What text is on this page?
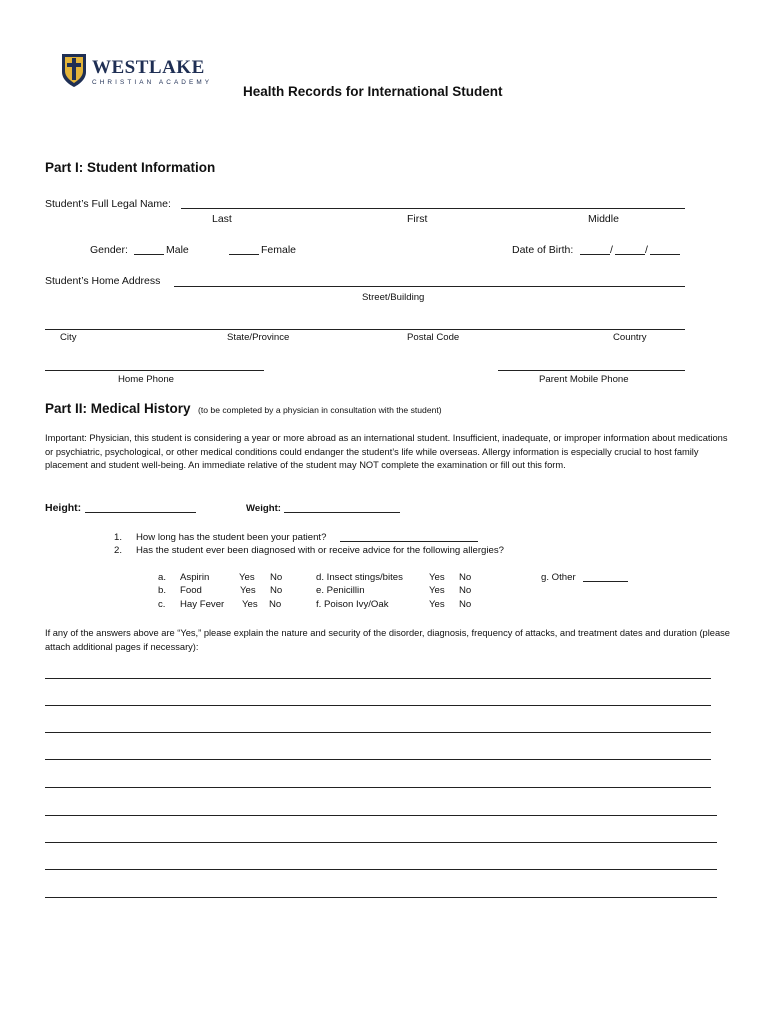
WESTLAKE
CHRISTIAN ACADEMY
Health Records for International Student
Part I: Student Information
Student’s Full Legal Name:
Last	First	Middle
Gender:	Male	Female	Date of Birth:	/	/
Student’s Home Address
Street/Building
City	State/Province	Postal Code	Country
Home Phone	Parent Mobile Phone
Part II: Medical History (to be completed by a physician in consultation with the student)
Important: Physician, this student is considering a year or more abroad as an international student. Insufficient, inadequate, or improper information about medications or psychiatric, psychological, or other medical conditions could endanger the student’s life while overseas. Allergy information is especially crucial to host family placement and student well-being. An immediate relative of the student may NOT complete the examination or fill out this form.
Height:	Weight:
1. How long has the student been your patient?
2. Has the student ever been diagnosed with or receive advice for the following allergies?
a. Aspirin	Yes No
b. Food	Yes No
c. Hay Fever Yes No
d. Insect stings/bites	Yes No
e. Penicillin	Yes No
f. Poison Ivy/Oak	Yes No
g. Other
If any of the answers above are “Yes,” please explain the nature and security of the disorder, diagnosis, frequency of attacks, and treatment dates and duration (please attach additional pages if necessary):
